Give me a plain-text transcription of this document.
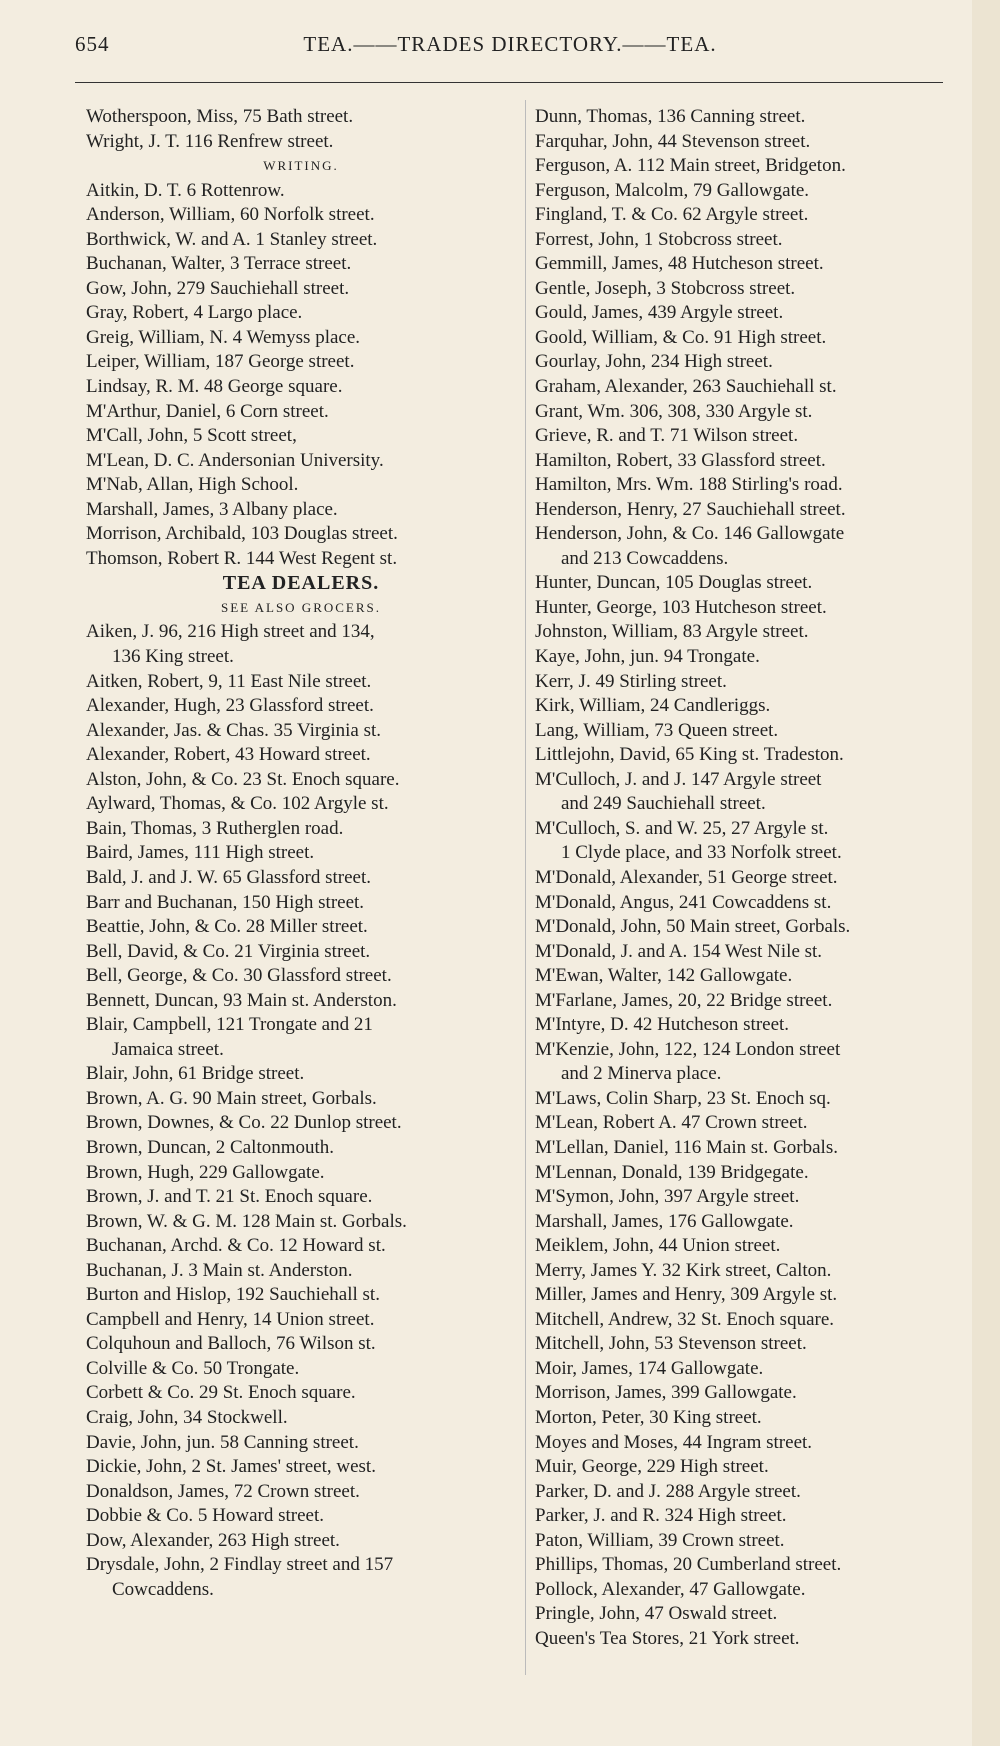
654	TEA.——TRADES DIRECTORY.——TEA.
Wotherspoon, Miss, 75 Bath street.
Wright, J. T. 116 Renfrew street.
WRITING.
Aitkin, D. T. 6 Rottenrow.
Anderson, William, 60 Norfolk street.
Borthwick, W. and A. 1 Stanley street.
Buchanan, Walter, 3 Terrace street.
Gow, John, 279 Sauchiehall street.
Gray, Robert, 4 Largo place.
Greig, William, N. 4 Wemyss place.
Leiper, William, 187 George street.
Lindsay, R. M. 48 George square.
M'Arthur, Daniel, 6 Corn street.
M'Call, John, 5 Scott street,
M'Lean, D. C. Andersonian University.
M'Nab, Allan, High School.
Marshall, James, 3 Albany place.
Morrison, Archibald, 103 Douglas street.
Thomson, Robert R. 144 West Regent st.
TEA DEALERS.
SEE ALSO GROCERS.
Aiken, J. 96, 216 High street and 134,
136 King street.
Aitken, Robert, 9, 11 East Nile street.
Alexander, Hugh, 23 Glassford street.
Alexander, Jas. & Chas. 35 Virginia st.
Alexander, Robert, 43 Howard street.
Alston, John, & Co. 23 St. Enoch square.
Aylward, Thomas, & Co. 102 Argyle st.
Bain, Thomas, 3 Rutherglen road.
Baird, James, 111 High street.
Bald, J. and J. W. 65 Glassford street.
Barr and Buchanan, 150 High street.
Beattie, John, & Co. 28 Miller street.
Bell, David, & Co. 21 Virginia street.
Bell, George, & Co. 30 Glassford street.
Bennett, Duncan, 93 Main st. Anderston.
Blair, Campbell, 121 Trongate and 21
Jamaica street.
Blair, John, 61 Bridge street.
Brown, A. G. 90 Main street, Gorbals.
Brown, Downes, & Co. 22 Dunlop street.
Brown, Duncan, 2 Caltonmouth.
Brown, Hugh, 229 Gallowgate.
Brown, J. and T. 21 St. Enoch square.
Brown, W. & G. M. 128 Main st. Gorbals.
Buchanan, Archd. & Co. 12 Howard st.
Buchanan, J. 3 Main st. Anderston.
Burton and Hislop, 192 Sauchiehall st.
Campbell and Henry, 14 Union street.
Colquhoun and Balloch, 76 Wilson st.
Colville & Co. 50 Trongate.
Corbett & Co. 29 St. Enoch square.
Craig, John, 34 Stockwell.
Davie, John, jun. 58 Canning street.
Dickie, John, 2 St. James' street, west.
Donaldson, James, 72 Crown street.
Dobbie & Co. 5 Howard street.
Dow, Alexander, 263 High street.
Drysdale, John, 2 Findlay street and 157
Cowcaddens.
Dunn, Thomas, 136 Canning street.
Farquhar, John, 44 Stevenson street.
Ferguson, A. 112 Main street, Bridgeton.
Ferguson, Malcolm, 79 Gallowgate.
Fingland, T. & Co. 62 Argyle street.
Forrest, John, 1 Stobcross street.
Gemmill, James, 48 Hutcheson street.
Gentle, Joseph, 3 Stobcross street.
Gould, James, 439 Argyle street.
Goold, William, & Co. 91 High street.
Gourlay, John, 234 High street.
Graham, Alexander, 263 Sauchiehall st.
Grant, Wm. 306, 308, 330 Argyle st.
Grieve, R. and T. 71 Wilson street.
Hamilton, Robert, 33 Glassford street.
Hamilton, Mrs. Wm. 188 Stirling's road.
Henderson, Henry, 27 Sauchiehall street.
Henderson, John, & Co. 146 Gallowgate
and 213 Cowcaddens.
Hunter, Duncan, 105 Douglas street.
Hunter, George, 103 Hutcheson street.
Johnston, William, 83 Argyle street.
Kaye, John, jun. 94 Trongate.
Kerr, J. 49 Stirling street.
Kirk, William, 24 Candleriggs.
Lang, William, 73 Queen street.
Littlejohn, David, 65 King st. Tradeston.
M'Culloch, J. and J. 147 Argyle street
and 249 Sauchiehall street.
M'Culloch, S. and W. 25, 27 Argyle st.
1 Clyde place, and 33 Norfolk street.
M'Donald, Alexander, 51 George street.
M'Donald, Angus, 241 Cowcaddens st.
M'Donald, John, 50 Main street, Gorbals.
M'Donald, J. and A. 154 West Nile st.
M'Ewan, Walter, 142 Gallowgate.
M'Farlane, James, 20, 22 Bridge street.
M'Intyre, D. 42 Hutcheson street.
M'Kenzie, John, 122, 124 London street
and 2 Minerva place.
M'Laws, Colin Sharp, 23 St. Enoch sq.
M'Lean, Robert A. 47 Crown street.
M'Lellan, Daniel, 116 Main st. Gorbals.
M'Lennan, Donald, 139 Bridgegate.
M'Symon, John, 397 Argyle street.
Marshall, James, 176 Gallowgate.
Meiklem, John, 44 Union street.
Merry, James Y. 32 Kirk street, Calton.
Miller, James and Henry, 309 Argyle st.
Mitchell, Andrew, 32 St. Enoch square.
Mitchell, John, 53 Stevenson street.
Moir, James, 174 Gallowgate.
Morrison, James, 399 Gallowgate.
Morton, Peter, 30 King street.
Moyes and Moses, 44 Ingram street.
Muir, George, 229 High street.
Parker, D. and J. 288 Argyle street.
Parker, J. and R. 324 High street.
Paton, William, 39 Crown street.
Phillips, Thomas, 20 Cumberland street.
Pollock, Alexander, 47 Gallowgate.
Pringle, John, 47 Oswald street.
Queen's Tea Stores, 21 York street.
